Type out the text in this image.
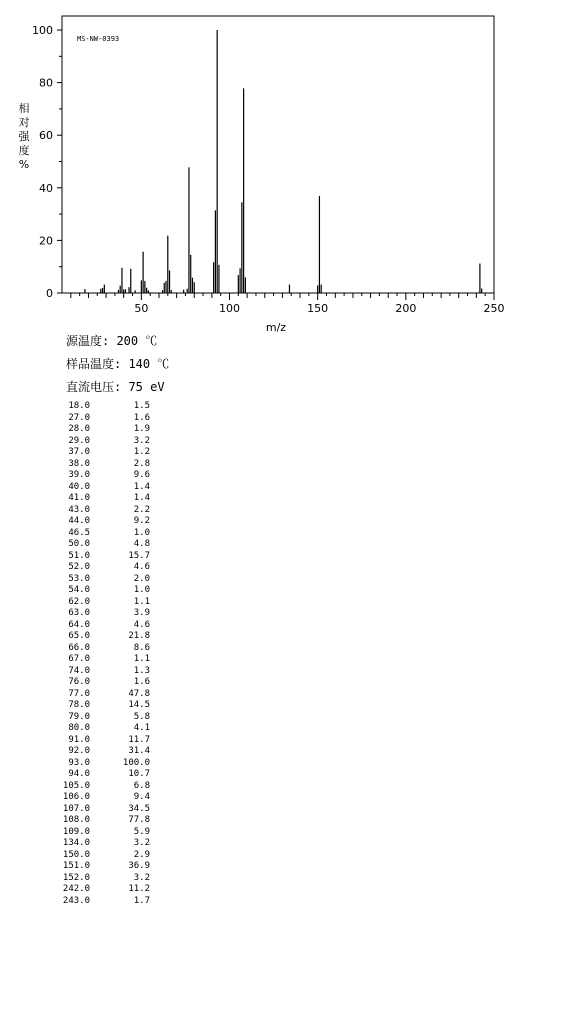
0
20
40
60
80
100
50	100	150	200	250
MS-NW-0393
m/z
相
对
强
度
%
源温度: 200 ℃
样品温度: 140 ℃
直流电压: 75 eV
18.0	1.5
27.0	1.6
28.0	1.9
29.0	3.2
37.0	1.2
38.0	2.8
39.0	9.6
40.0	1.4
41.0	1.4
43.0	2.2
44.0	9.2
46.5	1.0
50.0	4.8
51.0	15.7
52.0	4.6
53.0	2.0
54.0	1.0
62.0	1.1
63.0	3.9
64.0	4.6
65.0	21.8
66.0	8.6
67.0	1.1
74.0	1.3
76.0	1.6
77.0	47.8
78.0	14.5
79.0	5.8
80.0	4.1
91.0	11.7
92.0	31.4
93.0	100.0
94.0	10.7
105.0	6.8
106.0	9.4
107.0	34.5
108.0	77.8
109.0	5.9
134.0	3.2
150.0	2.9
151.0	36.9
152.0	3.2
242.0	11.2
243.0	1.7
